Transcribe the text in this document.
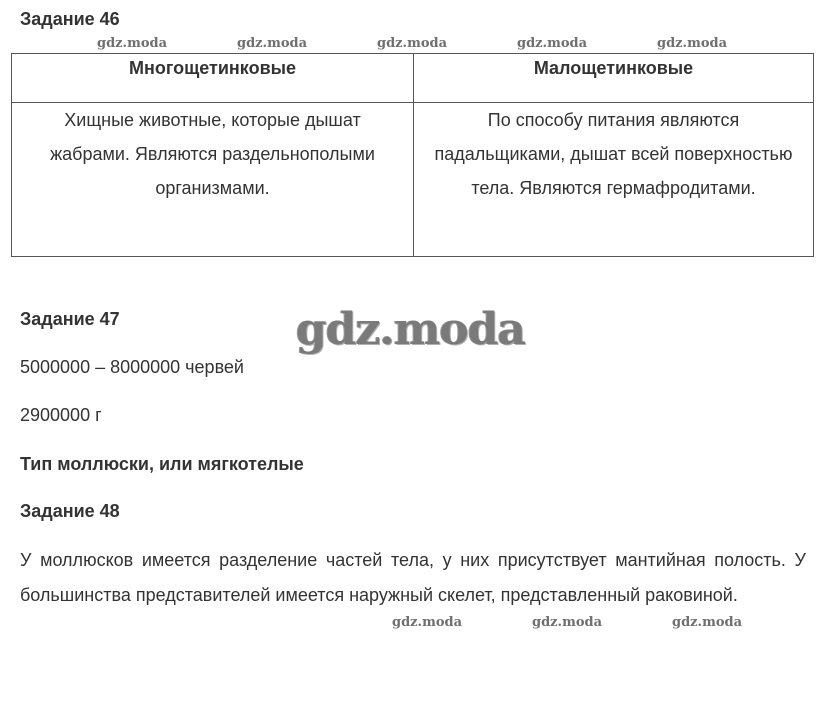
Задание 46
gdz.moda	gdz.moda	gdz.moda	gdz.moda	gdz.moda
Многощетинковые	Малощетинковые
Хищные животные, которые дышат жабрами. Являются раздельнополыми организмами.	По способу питания являются падальщиками, дышат всей поверхностью тела. Являются гермафродитами.
Задание 47	gdz.moda
5000000 – 8000000 червей
2900000 г
Тип моллюски, или мягкотелые
Задание 48
У моллюсков имеется разделение частей тела, у них присутствует мантийная полость. У большинства представителей имеется наружный скелет, представленный раковиной.
gdz.moda	gdz.moda	gdz.moda
